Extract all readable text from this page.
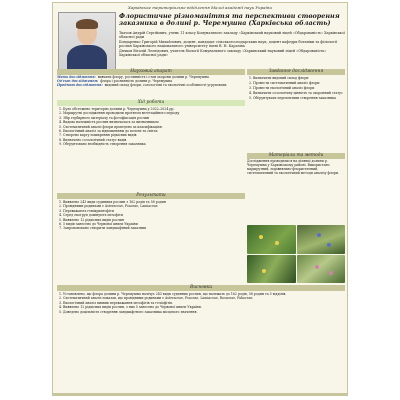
Харківське територіальне відділення Малої академії наук України
Флористичне різноманіття та перспективи створення заказника в долині р. Черемушна (Харківська область)

Ткачов Андрій Сергійович, учень 11 класу Комунального закладу «Харківський науковий ліцей «Обдарованість» Харківської обласної ради

Бондаренко Григорій Михайлович, доцент, кандидат сільськогосподарських наук, доцент кафедри ботаніки та фізіології рослин Харківського національного університету імені В. Н. Каразіна

Дячков Віталій Леонідович, учитель біології Комунального закладу «Харківський науковий ліцей «Обдарованість» Харківської обласної ради»

Науковий апарат
Мета дослідження: вивчити флору, рослинність і стан охорони долини р. Черемушна
Об'єкт дослідження: флора і рослинність долини р. Черемушна
Предмет дослідження: видовий склад флори, созологічні та екологічні особливості угруповань
Завдання дослідження
1. Визначити видовий склад флори
2. Провести систематичний аналіз флори
3. Провести екологічний аналіз флори
4. Визначити созологічну цінність та охоронний статус
5. Обґрунтувати перспективи створення заказника
Хід роботи
1. Було обстежено територію долини р. Черемушна у 2022–2024 рр.
2. Маршрутні дослідження проводили протягом вегетаційного періоду
3. Збір гербарного матеріалу та фотофіксація рослин
4. Видова належність рослин визначалась за визначником
5. Систематичний аналіз флори проведено за класифікацією
6. Екологічний аналіз за відношенням до вологи та світла
7. Створено карту поширення рідкісних видів
8. Визначено созологічний статус видів
9. Обґрунтовано необхідність створення заказника
Матеріали та методи

Дослідження проводилися на ділянці долини р. Черемушна у Харківському районі. Використано маршрутний, порівняльно-флористичний, систематичний та екологічний методи аналізу флори.

Результати
1. Виявлено 243 види судинних рослин з 162 родів та 58 родин
2. Провідними родинами є Asteraceae, Poaceae, Lamiaceae
3. Переважають гемікриптофіти
4. Серед екогруп домінують мезофіти
5. Виявлено 12 рідкісних видів рослин
6. 5 видів занесено до Червоної книги України
7. Запропоновано створити ландшафтний заказник
Висновки
1. Установлено, що флора долини р. Черемушна налічує 243 види судинних рослин, що належать до 162 родів, 58 родин та 5 відділів.
2. Систематичний аналіз показав, що провідними родинами є Asteraceae, Poaceae, Lamiaceae, Rosaceae, Fabaceae.
3. Екологічний аналіз виявив переважання мезофітів та геліофітів.
4. Виявлено 12 рідкісних видів рослин, з них 5 занесено до Червоної книги України.
5. Доведено доцільність створення ландшафтного заказника місцевого значення.
